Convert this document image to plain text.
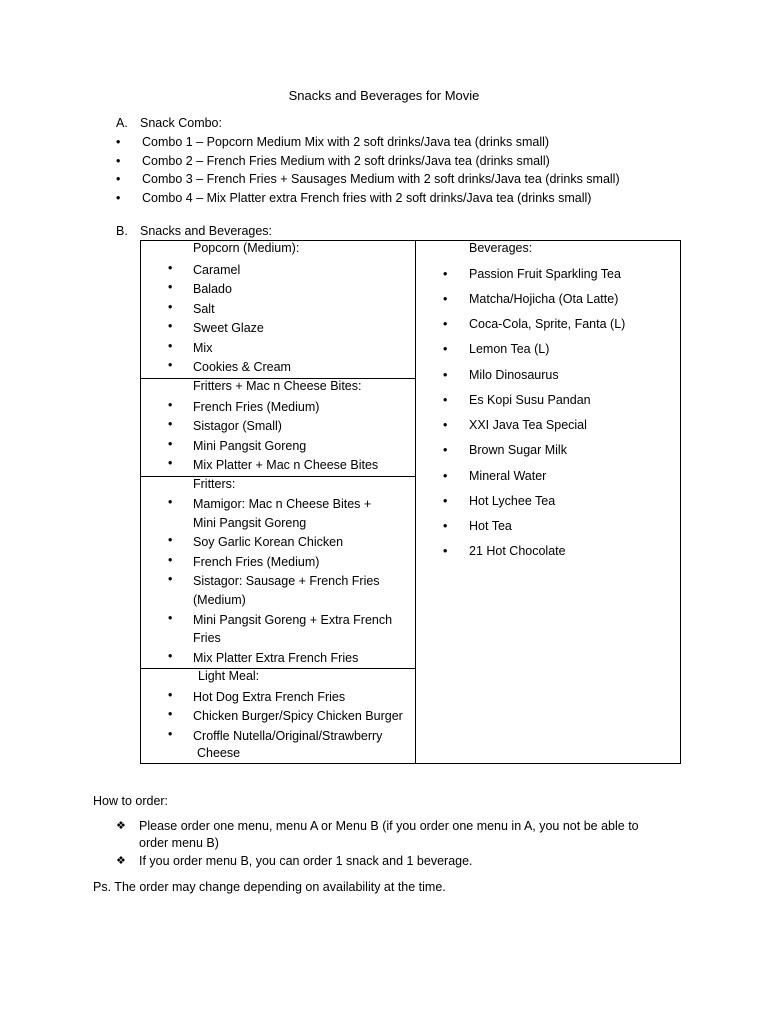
Snacks and Beverages for Movie
A. Snack Combo:
• Combo 1 – Popcorn Medium Mix with 2 soft drinks/Java tea (drinks small)
• Combo 2 – French Fries Medium with 2 soft drinks/Java tea (drinks small)
• Combo 3 – French Fries + Sausages Medium with 2 soft drinks/Java tea (drinks small)
• Combo 4 – Mix Platter extra French fries with 2 soft drinks/Java tea (drinks small)
B. Snacks and Beverages:
Popcorn (Medium):
• Caramel
• Balado
• Salt
• Sweet Glaze
• Mix
• Cookies & Cream
Fritters + Mac n Cheese Bites:
• French Fries (Medium)
• Sistagor (Small)
• Mini Pangsit Goreng
• Mix Platter + Mac n Cheese Bites
Fritters:
• Mamigor: Mac n Cheese Bites +
Mini Pangsit Goreng
• Soy Garlic Korean Chicken
• French Fries (Medium)
• Sistagor: Sausage + French Fries
(Medium)
• Mini Pangsit Goreng + Extra French
Fries
• Mix Platter Extra French Fries
Light Meal:
• Hot Dog Extra French Fries
• Chicken Burger/Spicy Chicken Burger
• Croffle Nutella/Original/Strawberry
Cheese
Beverages:
• Passion Fruit Sparkling Tea
• Matcha/Hojicha (Ota Latte)
• Coca-Cola, Sprite, Fanta (L)
• Lemon Tea (L)
• Milo Dinosaurus
• Es Kopi Susu Pandan
• XXI Java Tea Special
• Brown Sugar Milk
• Mineral Water
• Hot Lychee Tea
• Hot Tea
• 21 Hot Chocolate
How to order:
❖ Please order one menu, menu A or Menu B (if you order one menu in A, you not be able to order menu B)
❖ If you order menu B, you can order 1 snack and 1 beverage.
Ps. The order may change depending on availability at the time.
